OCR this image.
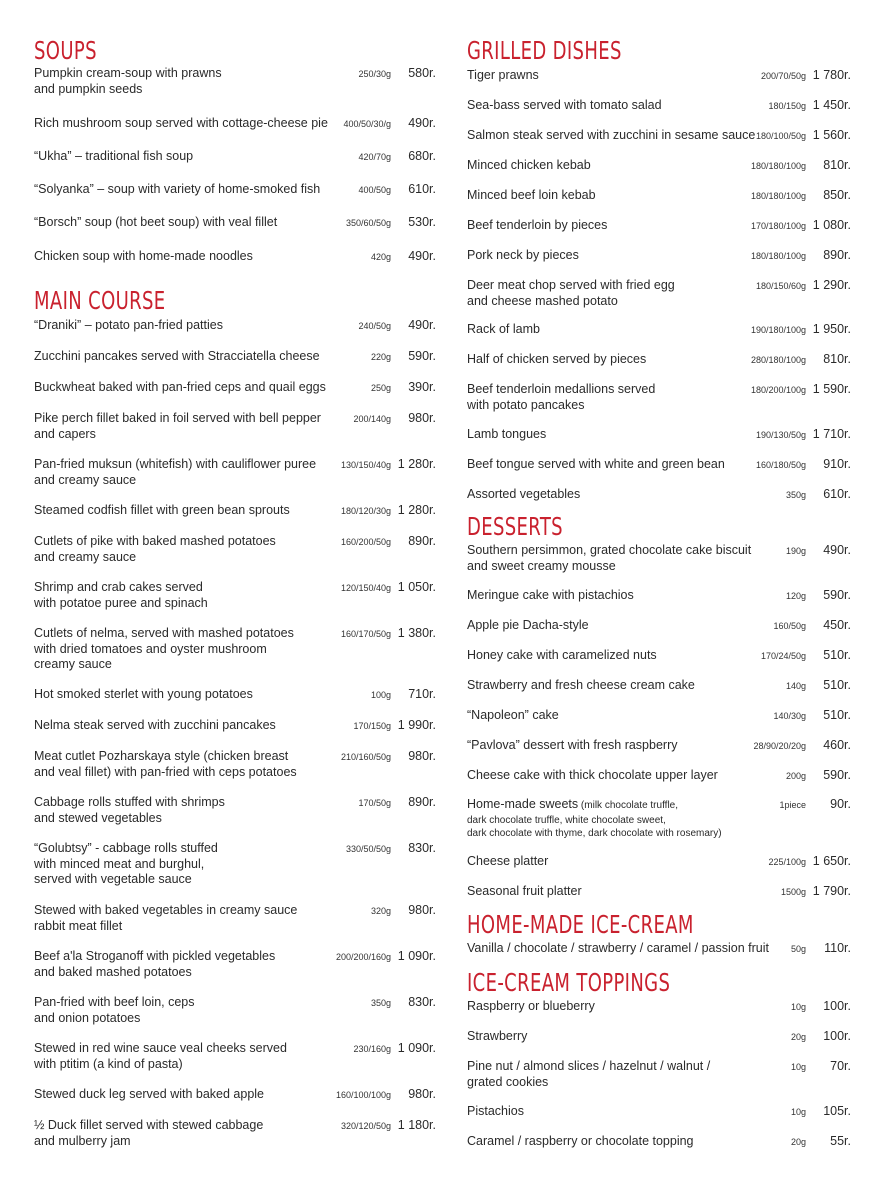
SOUPS
MAIN COURSE
Pumpkin cream-soup with prawns
and pumpkin seeds
250/30g 580r.
Rich mushroom soup served with cottage-cheese pie	400/50/30/g 490r.
“Ukha” – traditional fish soup	420/70g 680r.
“Solyanka” – soup with variety of home-smoked fish	400/50g 610r.
“Borsch” soup (hot beet soup) with veal fillet	350/60/50g 530r.
Chicken soup with home-made noodles	420g 490r.
“Draniki” – potato pan-fried patties	240/50g 490r.
Zucchini pancakes served with Stracciatella cheese	220g 590r.
Buckwheat baked with pan-fried ceps and quail eggs	250g 390r.
Pike perch fillet baked in foil served with bell pepper
and capers
200/140g 980r.
Pan-fried muksun (whitefish) with cauliflower puree
and creamy sauce
130/150/40g 1 280r.
Steamed codfish fillet with green bean sprouts	180/120/30g 1 280r.
Cutlets of pike with baked mashed potatoes
and creamy sauce
160/200/50g 890r.
Shrimp and crab cakes served
with potatoe puree and spinach
120/150/40g 1 050r.
Cutlets of nelma, served with mashed potatoes
with dried tomatoes and oyster mushroom
creamy sauce
160/170/50g 1 380r.
Hot smoked sterlet with young potatoes	100g 710r.
Nelma steak served with zucchini pancakes	170/150g 1 990r.
Meat cutlet Pozharskaya style (chicken breast
and veal fillet) with pan-fried with ceps potatoes
210/160/50g 980r.
Cabbage rolls stuffed with shrimps
and stewed vegetables
170/50g 890r.
“Golubtsy” - cabbage rolls stuffed
with minced meat and burghul,
served with vegetable sauce
330/50/50g 830r.
Stewed with baked vegetables in creamy sauce
rabbit meat fillet
320g 980r.
Beef a'la Stroganoff with pickled vegetables
and baked mashed potatoes
200/200/160g 1 090r.
Pan-fried with beef loin, ceps
and onion potatoes
350g 830r.
Stewed in red wine sauce veal cheeks served
with ptitim (a kind of pasta)
230/160g 1 090r.
Stewed duck leg served with baked apple	160/100/100g 980r.
½ Duck fillet served with stewed cabbage
and mulberry jam
320/120/50g 1 180r.
GRILLED DISHES
DESSERTS
HOME-MADE ICE-CREAM
ICE-CREAM TOPPINGS
Tiger prawns	200/70/50g 1 780r.
Sea-bass served with tomato salad	180/150g 1 450r.
Salmon steak served with zucchini in sesame sauce 180/100/50g 1 560r.
Minced chicken kebab	180/180/100g 810r.
Minced beef loin kebab	180/180/100g 850r.
Beef tenderloin by pieces	170/180/100g 1 080r.
Pork neck by pieces	180/180/100g 890r.
Deer meat chop served with fried egg
and cheese mashed potato
180/150/60g 1 290r.
Rack of lamb	190/180/100g 1 950r.
Half of chicken served by pieces	280/180/100g 810r.
Beef tenderloin medallions served
with potato pancakes
180/200/100g 1 590r.
Lamb tongues	190/130/50g 1 710r.
Beef tongue served with white and green bean	160/180/50g 910r.
Assorted vegetables	350g 610r.
Southern persimmon, grated chocolate cake biscuit
and sweet creamy mousse
190g 490r.
Meringue cake with pistachios	120g 590r.
Apple pie Dacha-style	160/50g 450r.
Honey cake with caramelized nuts	170/24/50g 510r.
Strawberry and fresh cheese cream cake	140g 510r.
“Napoleon” cake	140/30g 510r.
“Pavlova” dessert with fresh raspberry	28/90/20/20g 460r.
Cheese cake with thick chocolate upper layer	200g 590r.
Home-made sweets (milk chocolate truffle,
dark chocolate truffle, white chocolate sweet,
dark chocolate with thyme, dark chocolate with rosemary)
1piece 90r.
Cheese platter	225/100g 1 650r.
Seasonal fruit platter	1500g 1 790r.
Vanilla / chocolate / strawberry / caramel / passion fruit	50g 110r.
Raspberry or blueberry	10g 100r.
Strawberry	20g 100r.
Pine nut / almond slices / hazelnut / walnut /
grated cookies
10g 70r.
Pistachios	10g 105r.
Caramel / raspberry or chocolate topping	20g 55r.
